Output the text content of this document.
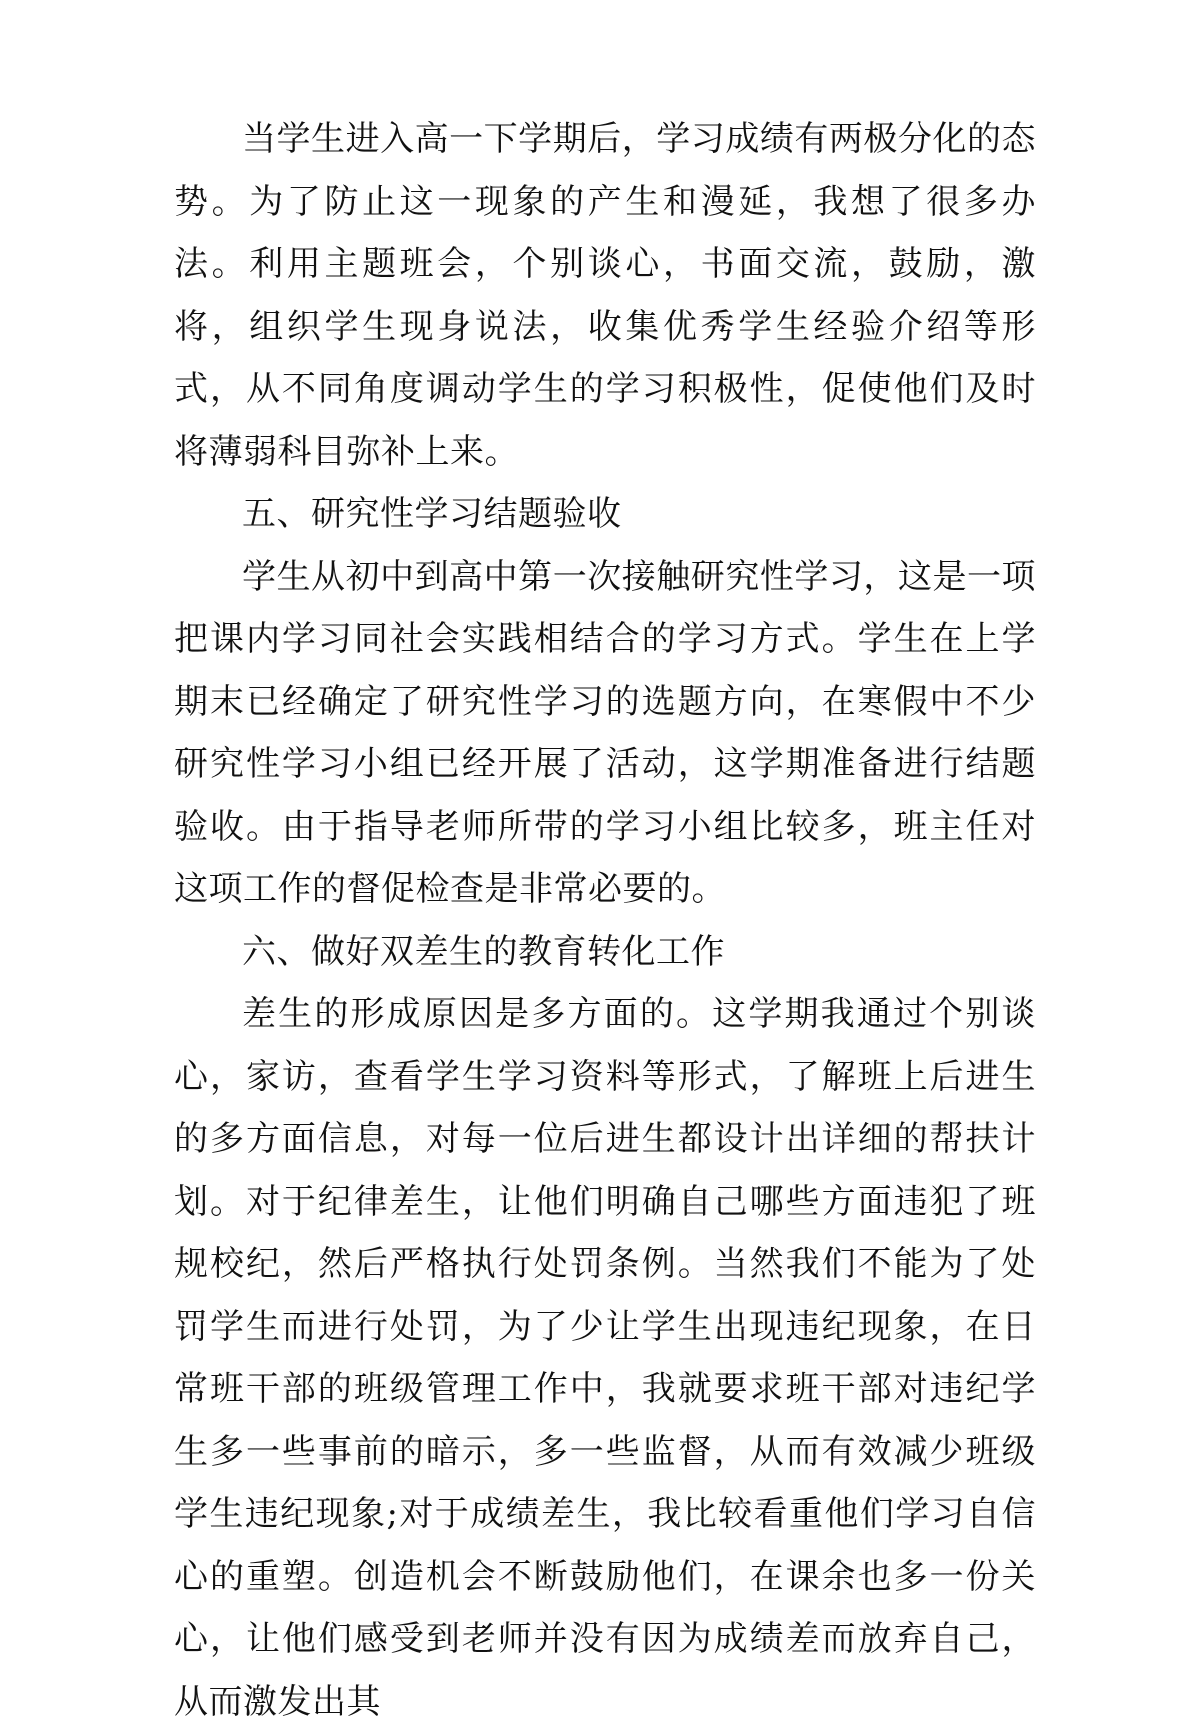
当学生进入高一下学期后，学习成绩有两极分化的态势。为了防止这一现象的产生和漫延，我想了很多办法。利用主题班会，个别谈心，书面交流，鼓励，激将，组织学生现身说法，收集优秀学生经验介绍等形式，从不同角度调动学生的学习积极性，促使他们及时将薄弱科目弥补上来。

五、研究性学习结题验收

学生从初中到高中第一次接触研究性学习，这是一项把课内学习同社会实践相结合的学习方式。学生在上学期末已经确定了研究性学习的选题方向，在寒假中不少研究性学习小组已经开展了活动，这学期准备进行结题验收。由于指导老师所带的学习小组比较多，班主任对这项工作的督促检查是非常必要的。

六、做好双差生的教育转化工作

差生的形成原因是多方面的。这学期我通过个别谈心，家访，查看学生学习资料等形式，了解班上后进生的多方面信息，对每一位后进生都设计出详细的帮扶计划。对于纪律差生，让他们明确自己哪些方面违犯了班规校纪，然后严格执行处罚条例。当然我们不能为了处罚学生而进行处罚，为了少让学生出现违纪现象，在日常班干部的班级管理工作中，我就要求班干部对违纪学生多一些事前的暗示，多一些监督，从而有效减少班级学生违纪现象;对于成绩差生，我比较看重他们学习自信心的重塑。创造机会不断鼓励他们，在课余也多一份关心，让他们感受到老师并没有因为成绩差而放弃自己，从而激发出其
